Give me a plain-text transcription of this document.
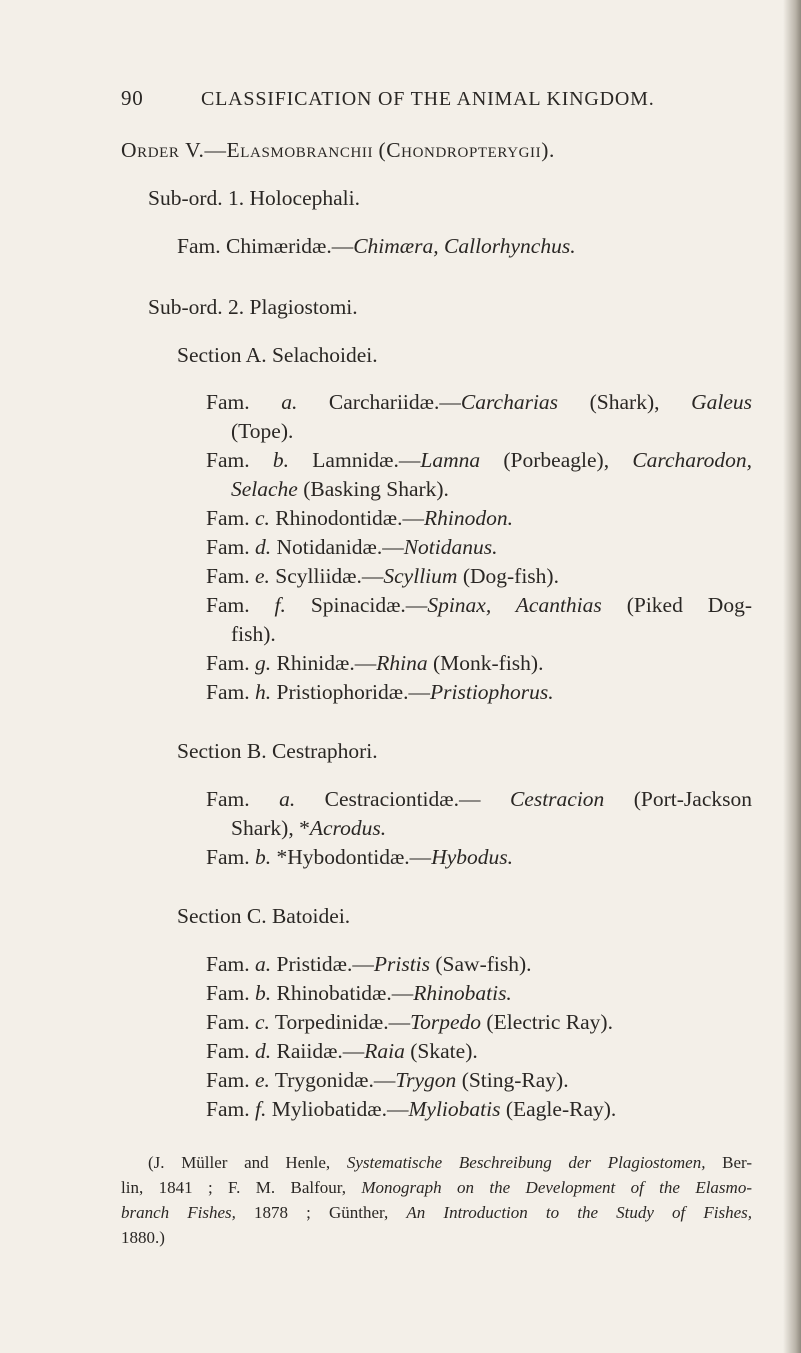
90	CLASSIFICATION OF THE ANIMAL KINGDOM.
Order V.—Elasmobranchii (Chondropterygii).
Sub-ord. 1. Holocephali.
Fam. Chimæridæ.—Chimæra, Callorhynchus.
Sub-ord. 2. Plagiostomi.
Section A. Selachoidei.
Fam. a. Carchariidæ.—Carcharias (Shark), Galeus
(Tope).
Fam. b. Lamnidæ.—Lamna (Porbeagle), Carcharodon,
Selache (Basking Shark).
Fam. c. Rhinodontidæ.—Rhinodon.
Fam. d. Notidanidæ.—Notidanus.
Fam. e. Scylliidæ.—Scyllium (Dog-fish).
Fam. f. Spinacidæ.—Spinax, Acanthias (Piked Dog-
fish).
Fam. g. Rhinidæ.—Rhina (Monk-fish).
Fam. h. Pristiophoridæ.—Pristiophorus.
Section B. Cestraphori.
Fam. a. Cestraciontidæ.— Cestracion (Port-Jackson
Shark), *Acrodus.
Fam. b. *Hybodontidæ.—Hybodus.
Section C. Batoidei.
Fam. a. Pristidæ.—Pristis (Saw-fish).
Fam. b. Rhinobatidæ.—Rhinobatis.
Fam. c. Torpedinidæ.—Torpedo (Electric Ray).
Fam. d. Raiidæ.—Raia (Skate).
Fam. e. Trygonidæ.—Trygon (Sting-Ray).
Fam. f. Myliobatidæ.—Myliobatis (Eagle-Ray).
(J. Müller and Henle, Systematische Beschreibung der Plagiostomen, Ber-
lin, 1841 ; F. M. Balfour, Monograph on the Development of the Elasmo-
branch Fishes, 1878 ; Günther, An Introduction to the Study of Fishes,
1880.)
